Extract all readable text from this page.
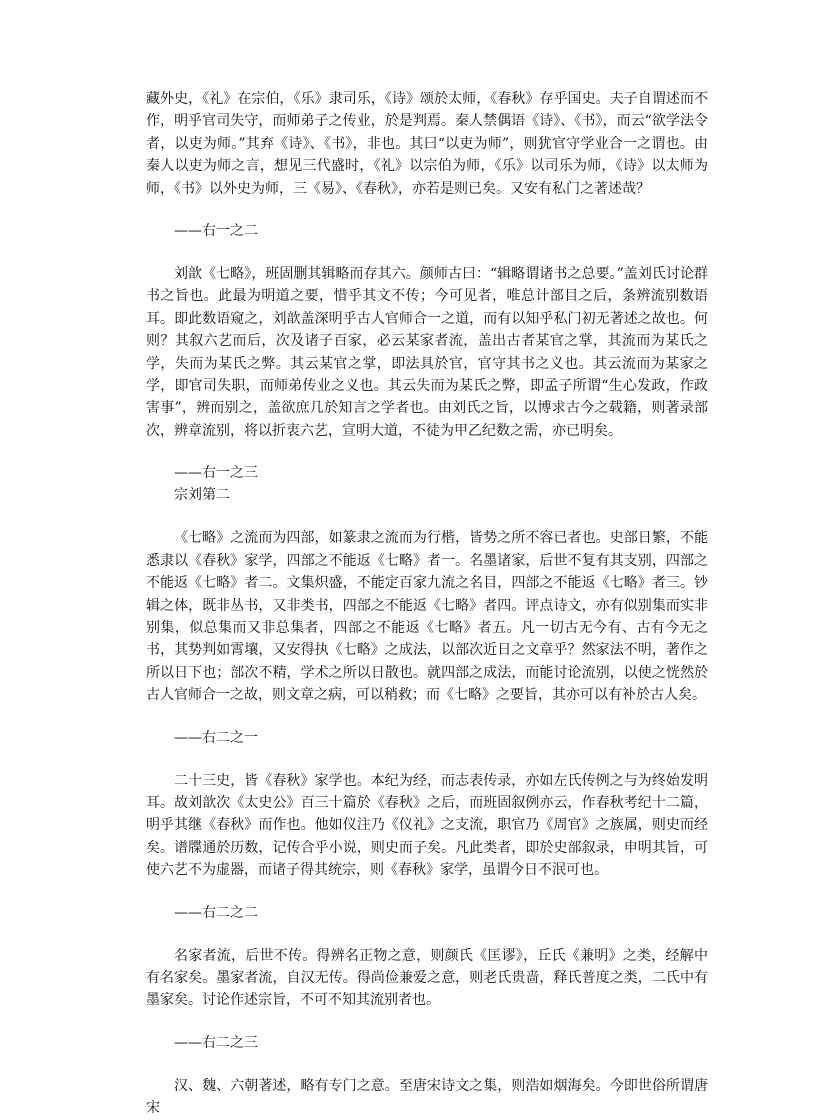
藏外史，《礼》在宗伯，《乐》隶司乐，《诗》颂於太师，《春秋》存乎国史。夫子自谓述而不作，明乎官司失守，而师弟子之传业，於是判焉。秦人禁偶语《诗》、《书》，而云“欲学法令者，以吏为师。”其弃《诗》、《书》，非也。其曰“以吏为师”，则犹官守学业合一之谓也。由秦人以吏为师之言，想见三代盛时，《礼》以宗伯为师，《乐》以司乐为师，《诗》以太师为师，《书》以外史为师，三《易》、《春秋》，亦若是则已矣。又安有私门之著述哉？

——右一之二

刘歆《七略》，班固删其辑略而存其六。颜师古曰：“辑略谓诸书之总要。”盖刘氏讨论群书之旨也。此最为明道之要，惜乎其文不传；今可见者，唯总计部目之后，条辨流别数语耳。即此数语窥之，刘歆盖深明乎古人官师合一之道，而有以知乎私门初无著述之故也。何则？其叙六艺而后，次及诸子百家，必云某家者流，盖出古者某官之掌，其流而为某氏之学，失而为某氏之弊。其云某官之掌，即法具於官，官守其书之义也。其云流而为某家之学，即官司失职，而师弟传业之义也。其云失而为某氏之弊，即孟子所谓“生心发政，作政害事”，辨而别之，盖欲庶几於知言之学者也。由刘氏之旨，以博求古今之载籍，则著录部次，辨章流别，将以折衷六艺，宣明大道，不徒为甲乙纪数之需，亦已明矣。

——右一之三

宗刘第二

《七略》之流而为四部，如篆隶之流而为行楷，皆势之所不容已者也。史部日繁，不能悉隶以《春秋》家学，四部之不能返《七略》者一。名墨诸家，后世不复有其支别，四部之不能返《七略》者二。文集炽盛，不能定百家九流之名目，四部之不能返《七略》者三。钞辑之体，既非丛书，又非类书，四部之不能返《七略》者四。评点诗文，亦有似别集而实非别集，似总集而又非总集者，四部之不能返《七略》者五。凡一切古无今有、古有今无之书，其势判如霄壤，又安得执《七略》之成法，以部次近日之文章乎？然家法不明，著作之所以日下也；部次不精，学术之所以日散也。就四部之成法，而能讨论流别，以使之恍然於古人官师合一之故，则文章之病，可以稍救；而《七略》之要旨，其亦可以有补於古人矣。

——右二之一

二十三史，皆《春秋》家学也。本纪为经，而志表传录，亦如左氏传例之与为终始发明耳。故刘歆次《太史公》百三十篇於《春秋》之后，而班固叙例亦云，作春秋考纪十二篇，明乎其继《春秋》而作也。他如仪注乃《仪礼》之支流，职官乃《周官》之族属，则史而经矣。谱牒通於历数，记传合乎小说，则史而子矣。凡此类者，即於史部叙录，申明其旨，可使六艺不为虚器，而诸子得其统宗，则《春秋》家学，虽谓今日不泯可也。

——右二之二

名家者流，后世不传。得辨名正物之意，则颜氏《匡谬》，丘氏《兼明》之类，经解中有名家矣。墨家者流，自汉无传。得尚俭兼爱之意，则老氏贵啬，释氏普度之类，二氏中有墨家矣。讨论作述宗旨，不可不知其流别者也。

——右二之三

汉、魏、六朝著述，略有专门之意。至唐宋诗文之集，则浩如烟海矣。今即世俗所谓唐宋
